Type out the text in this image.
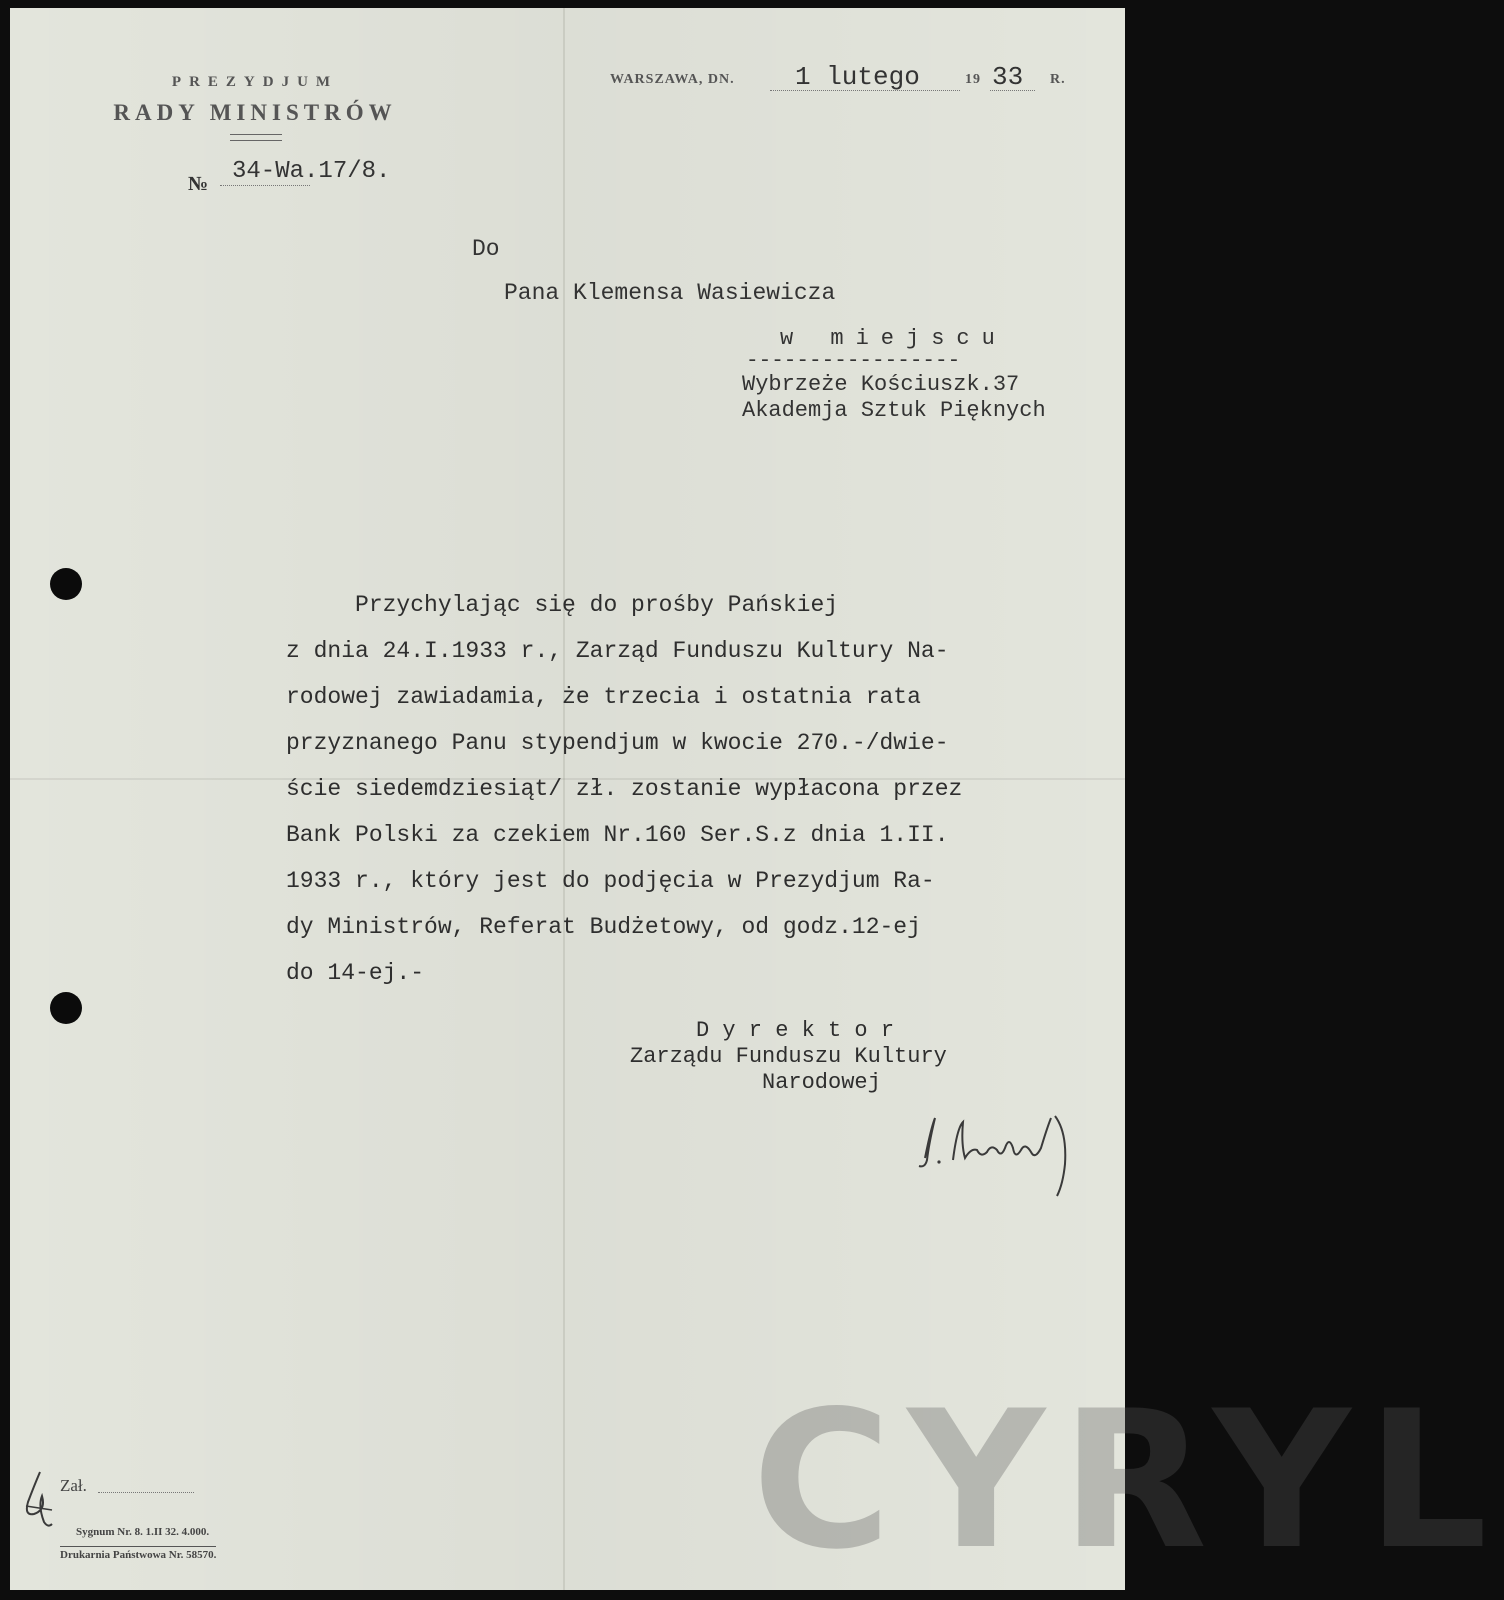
PREZYDJUM
RADY MINISTRÓW
№ 34-Wa.17/8.
WARSZAWA, DN. 1 lutego	19 33 R.
Do
Pana Klemensa Wasiewicza
w miejscu
-----------------
Wybrzeże Kościuszk.37
Akademja Sztuk Pięknych
Przychylając się do prośby Pańskiej
z dnia 24.I.1933 r., Zarząd Funduszu Kultury Na-
rodowej zawiadamia, że trzecia i ostatnia rata
przyznanego Panu stypendjum w kwocie 270.-/dwie-
ście siedemdziesiąt/ zł. zostanie wypłacona przez
Bank Polski za czekiem Nr.160 Ser.S.z dnia 1.II.
1933 r., który jest do podjęcia w Prezydjum Ra-
dy Ministrów, Referat Budżetowy, od godz.12-ej
do 14-ej.-
D y r e k t o r
Zarządu Funduszu Kultury
Narodowej
Zał.
Sygnum Nr. 8. 1.II 32. 4.000.
Drukarnia Państwowa Nr. 58570.	CYRYL
